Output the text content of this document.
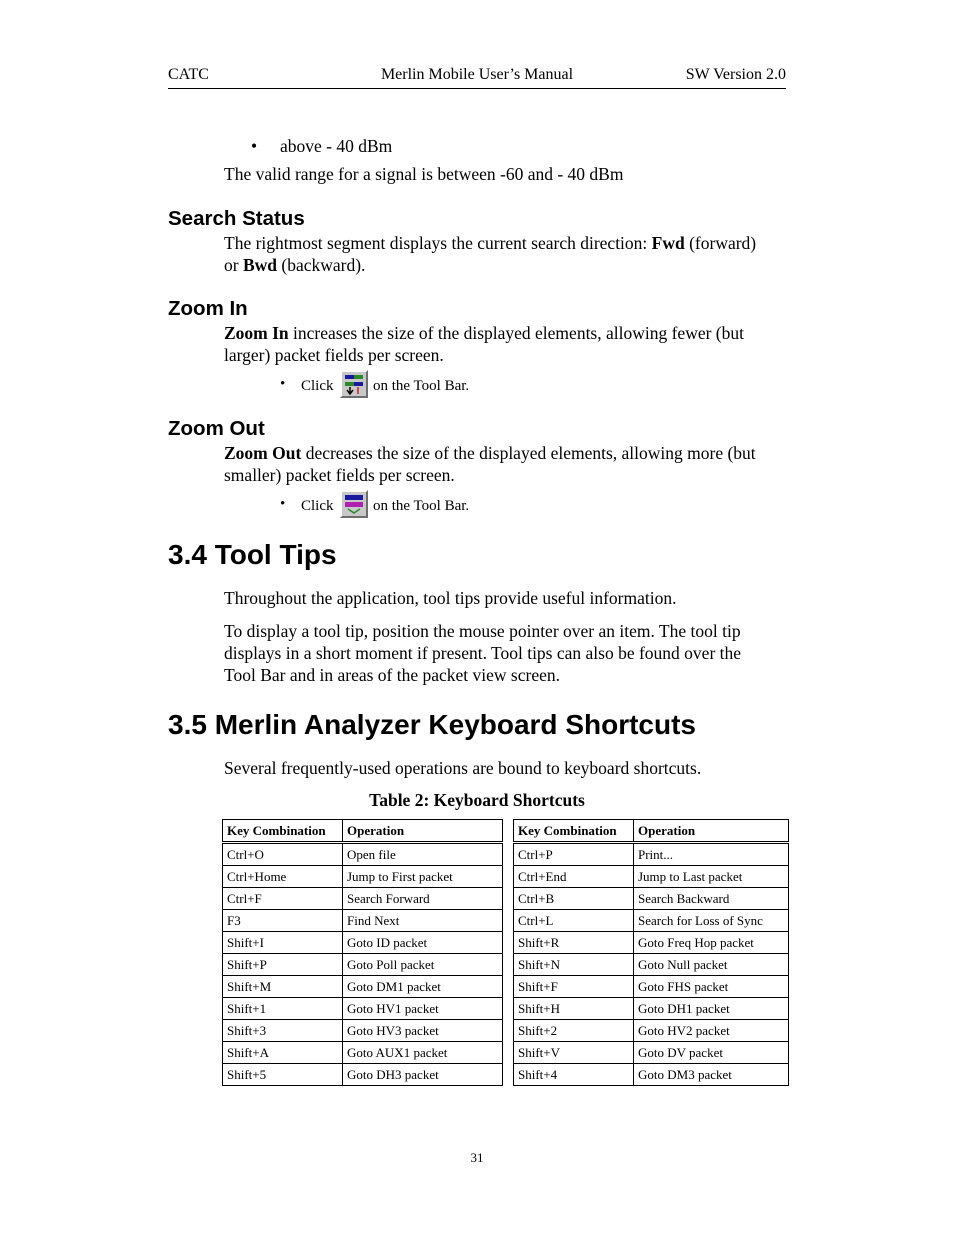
CATC	Merlin Mobile User’s Manual	SW Version 2.0
• above - 40 dBm
The valid range for a signal is between -60 and - 40 dBm
Search Status
The rightmost segment displays the current search direction: Fwd (forward)
or Bwd (backward).
Zoom In
Zoom In increases the size of the displayed elements, allowing fewer (but
larger) packet fields per screen.
• Click	on the Tool Bar.
Zoom Out
Zoom Out decreases the size of the displayed elements, allowing more (but
smaller) packet fields per screen.
• Click	on the Tool Bar.
3.4 Tool Tips
Throughout the application, tool tips provide useful information.
To display a tool tip, position the mouse pointer over an item. The tool tip
displays in a short moment if present. Tool tips can also be found over the
Tool Bar and in areas of the packet view screen.
3.5 Merlin Analyzer Keyboard Shortcuts
Several frequently-used operations are bound to keyboard shortcuts.
Table 2: Keyboard Shortcuts
Key Combination	Operation
Ctrl+O	Open file
Ctrl+Home	Jump to First packet
Ctrl+F	Search Forward
F3	Find Next
Shift+I	Goto ID packet
Shift+P	Goto Poll packet
Shift+M	Goto DM1 packet
Shift+1	Goto HV1 packet
Shift+3	Goto HV3 packet
Shift+A	Goto AUX1 packet
Shift+5	Goto DH3 packet
Key Combination	Operation
Ctrl+P	Print...
Ctrl+End	Jump to Last packet
Ctrl+B	Search Backward
Ctrl+L	Search for Loss of Sync
Shift+R	Goto Freq Hop packet
Shift+N	Goto Null packet
Shift+F	Goto FHS packet
Shift+H	Goto DH1 packet
Shift+2	Goto HV2 packet
Shift+V	Goto DV packet
Shift+4	Goto DM3 packet
31
